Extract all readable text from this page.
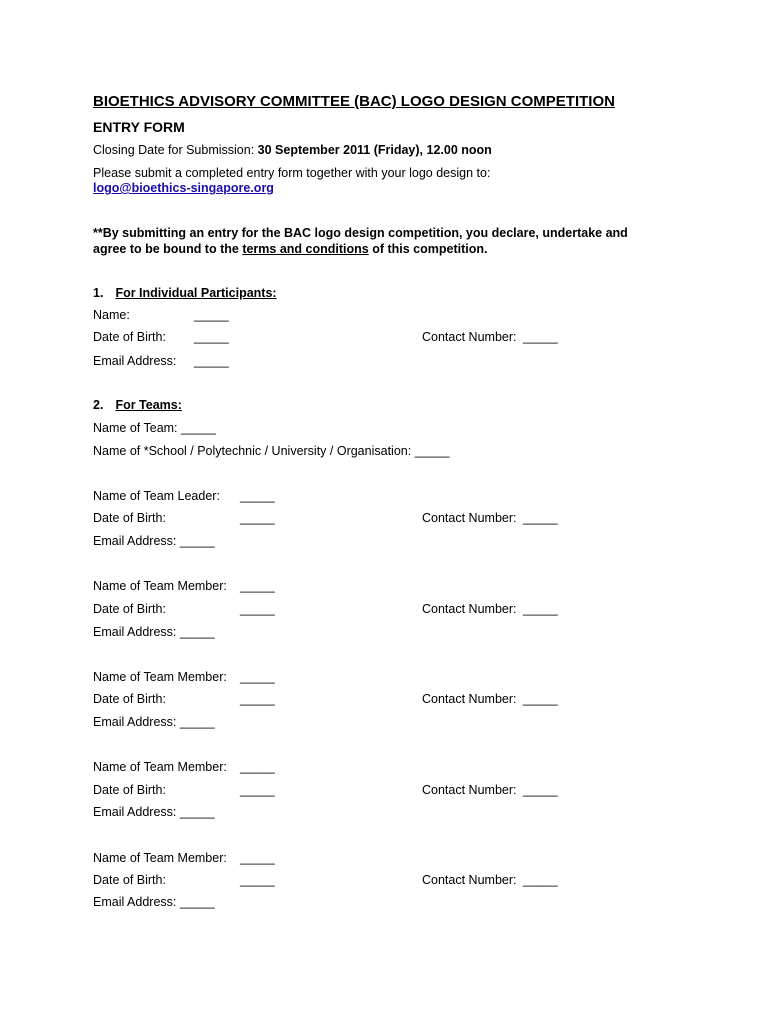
BIOETHICS ADVISORY COMMITTEE (BAC) LOGO DESIGN COMPETITION
ENTRY FORM
Closing Date for Submission: 30 September 2011 (Friday), 12.00 noon
Please submit a completed entry form together with your logo design to:
logo@bioethics-singapore.org
**By submitting an entry for the BAC logo design competition, you declare, undertake and
agree to be bound to the terms and conditions of this competition.
1. For Individual Participants:
Name:	_____
Date of Birth: _____	Contact Number: _____
Email Address: _____
2. For Teams:
Name of Team: _____
Name of *School / Polytechnic / University / Organisation: _____
Name of Team Leader: _____
Date of Birth:	_____	Contact Number: _____
Email Address: _____
Name of Team Member: _____
Date of Birth:	_____	Contact Number: _____
Email Address: _____
Name of Team Member: _____
Date of Birth:	_____	Contact Number: _____
Email Address: _____
Name of Team Member: _____
Date of Birth:	_____	Contact Number: _____
Email Address: _____
Name of Team Member: _____
Date of Birth:	_____	Contact Number: _____
Email Address: _____
